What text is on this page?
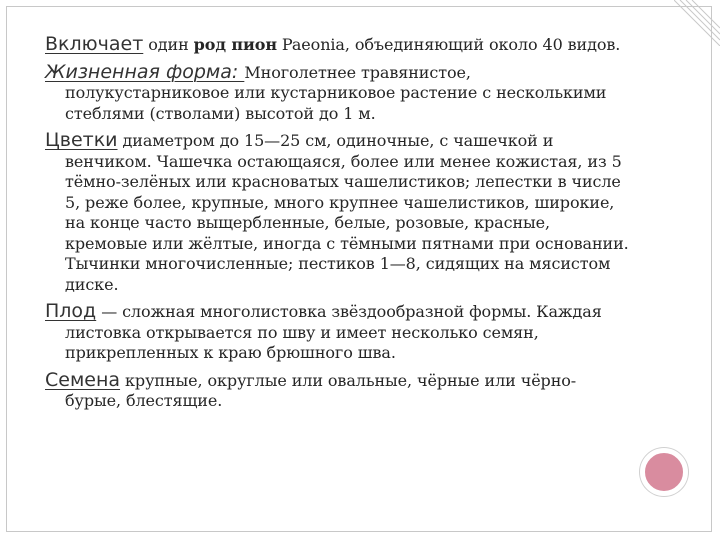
Включает один род пион Paeonia, объединяющий около 40 видов.

Жизненная форма: Многолетнее травянистое, полукустарниковое или кустарниковое растение с несколькими стеблями (стволами) высотой до 1 м.

Цветки диаметром до 15—25 см, одиночные, с чашечкой и венчиком. Чашечка остающаяся, более или менее кожистая, из 5 тёмно-зелёных или красноватых чашелистиков; лепестки в числе 5, реже более, крупные, много крупнее чашелистиков, широкие, на конце часто выщербленные, белые, розовые, красные, кремовые или жёлтые, иногда с тёмными пятнами при основании. Тычинки многочисленные; пестиков 1—8, сидящих на мясистом диске.

Плод — сложная многолистовка звёздообразной формы. Каждая листовка открывается по шву и имеет несколько семян, прикрепленных к краю брюшного шва.

Семена крупные, округлые или овальные, чёрные или чёрно-бурые, блестящие.
